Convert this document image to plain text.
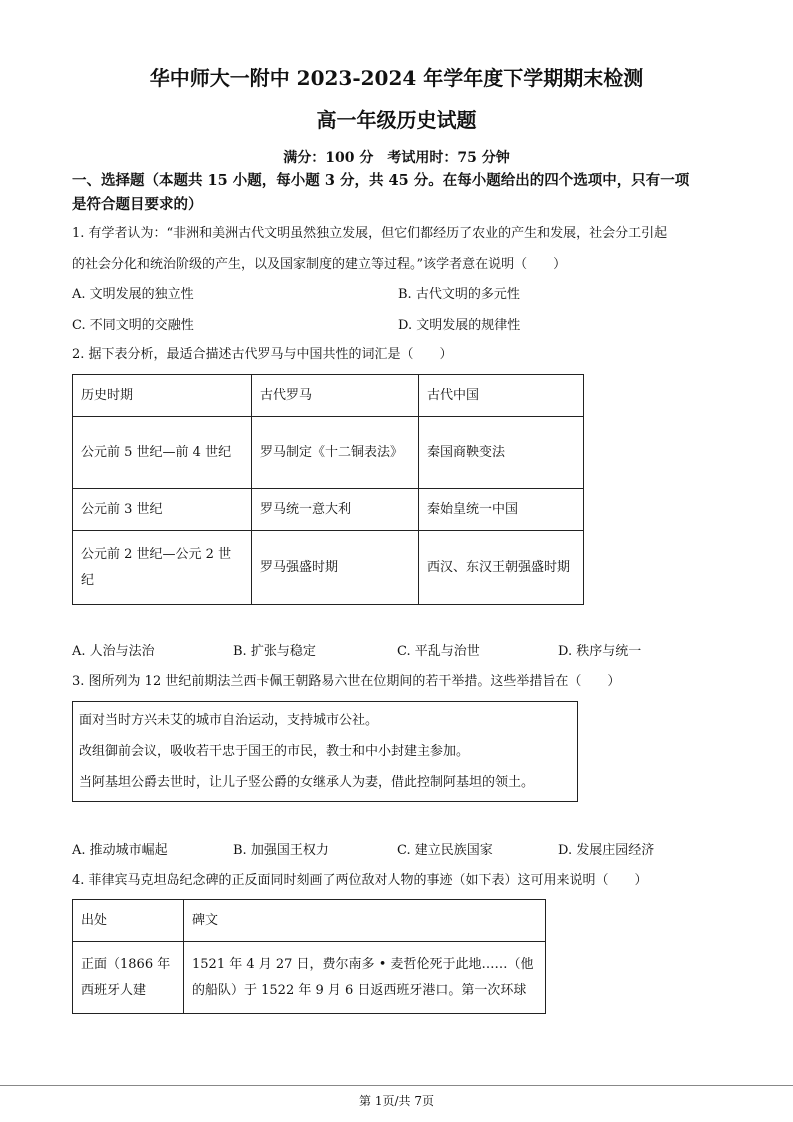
华中师大一附中 2023-2024 年学年度下学期期末检测
高一年级历史试题
满分：100 分　考试用时：75 分钟
一、选择题（本题共 15 小题，每小题 3 分，共 45 分。在每小题给出的四个选项中，只有一项
是符合题目要求的）
1. 有学者认为：“非洲和美洲古代文明虽然独立发展，但它们都经历了农业的产生和发展，社会分工引起
的社会分化和统治阶级的产生，以及国家制度的建立等过程。”该学者意在说明（　　）
A. 文明发展的独立性	B. 古代文明的多元性
C. 不同文明的交融性	D. 文明发展的规律性
2. 据下表分析，最适合描述古代罗马与中国共性的词汇是（　　）
历史时期	古代罗马	古代中国
公元前 5 世纪—前 4 世纪	罗马制定《十二铜表法》	秦国商鞅变法
公元前 3 世纪	罗马统一意大利	秦始皇统一中国
公元前 2 世纪—公元 2 世纪	罗马强盛时期	西汉、东汉王朝强盛时期
A. 人治与法治	B. 扩张与稳定	C. 平乱与治世	D. 秩序与统一
3. 图所列为 12 世纪前期法兰西卡佩王朝路易六世在位期间的若干举措。这些举措旨在（　　）
面对当时方兴未艾的城市自治运动，支持城市公社。
改组御前会议，吸收若干忠于国王的市民，教士和中小封建主参加。
当阿基坦公爵去世时，让儿子竖公爵的女继承人为妻，借此控制阿基坦的领土。
A. 推动城市崛起	B. 加强国王权力	C. 建立民族国家	D. 发展庄园经济
4. 菲律宾马克坦岛纪念碑的正反面同时刻画了两位敌对人物的事迹（如下表）这可用来说明（　　）
出处	碑文
正面（1866 年西班牙人建	1521 年 4 月 27 日，费尔南多 • 麦哲伦死于此地……（他的船队）于 1522 年 9 月 6 日返西班牙港口。第一次环球
第 1页/共 7页
